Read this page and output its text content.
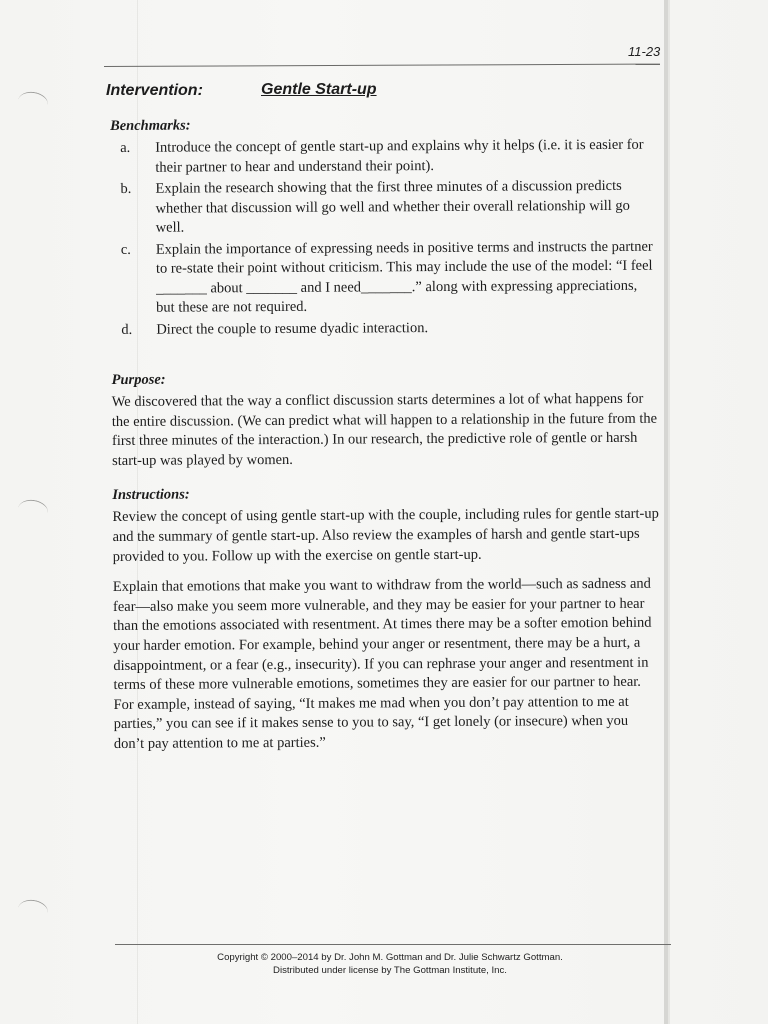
11-23
Intervention:	Gentle Start-up
Benchmarks:
a.	Introduce the concept of gentle start-up and explains why it helps (i.e. it is easier for their partner to hear and understand their point).
b.	Explain the research showing that the first three minutes of a discussion predicts whether that discussion will go well and whether their overall relationship will go well.
c.	Explain the importance of expressing needs in positive terms and instructs the partner to re-state their point without criticism. This may include the use of the model: “I feel _______ about _______ and I need_______.” along with expressing appreciations, but these are not required.
d.	Direct the couple to resume dyadic interaction.
Purpose:

We discovered that the way a conflict discussion starts determines a lot of what happens for the entire discussion. (We can predict what will happen to a relationship in the future from the first three minutes of the interaction.) In our research, the predictive role of gentle or harsh start-up was played by women.

Instructions:

Review the concept of using gentle start-up with the couple, including rules for gentle start-up and the summary of gentle start-up. Also review the examples of harsh and gentle start-ups provided to you. Follow up with the exercise on gentle start-up.

Explain that emotions that make you want to withdraw from the world—such as sadness and fear—also make you seem more vulnerable, and they may be easier for your partner to hear than the emotions associated with resentment. At times there may be a softer emotion behind your harder emotion. For example, behind your anger or resentment, there may be a hurt, a disappointment, or a fear (e.g., insecurity). If you can rephrase your anger and resentment in terms of these more vulnerable emotions, sometimes they are easier for our partner to hear. For example, instead of saying, “It makes me mad when you don’t pay attention to me at parties,” you can see if it makes sense to you to say, “I get lonely (or insecure) when you don’t pay attention to me at parties.”

Copyright © 2000–2014 by Dr. John M. Gottman and Dr. Julie Schwartz Gottman.
Distributed under license by The Gottman Institute, Inc.
